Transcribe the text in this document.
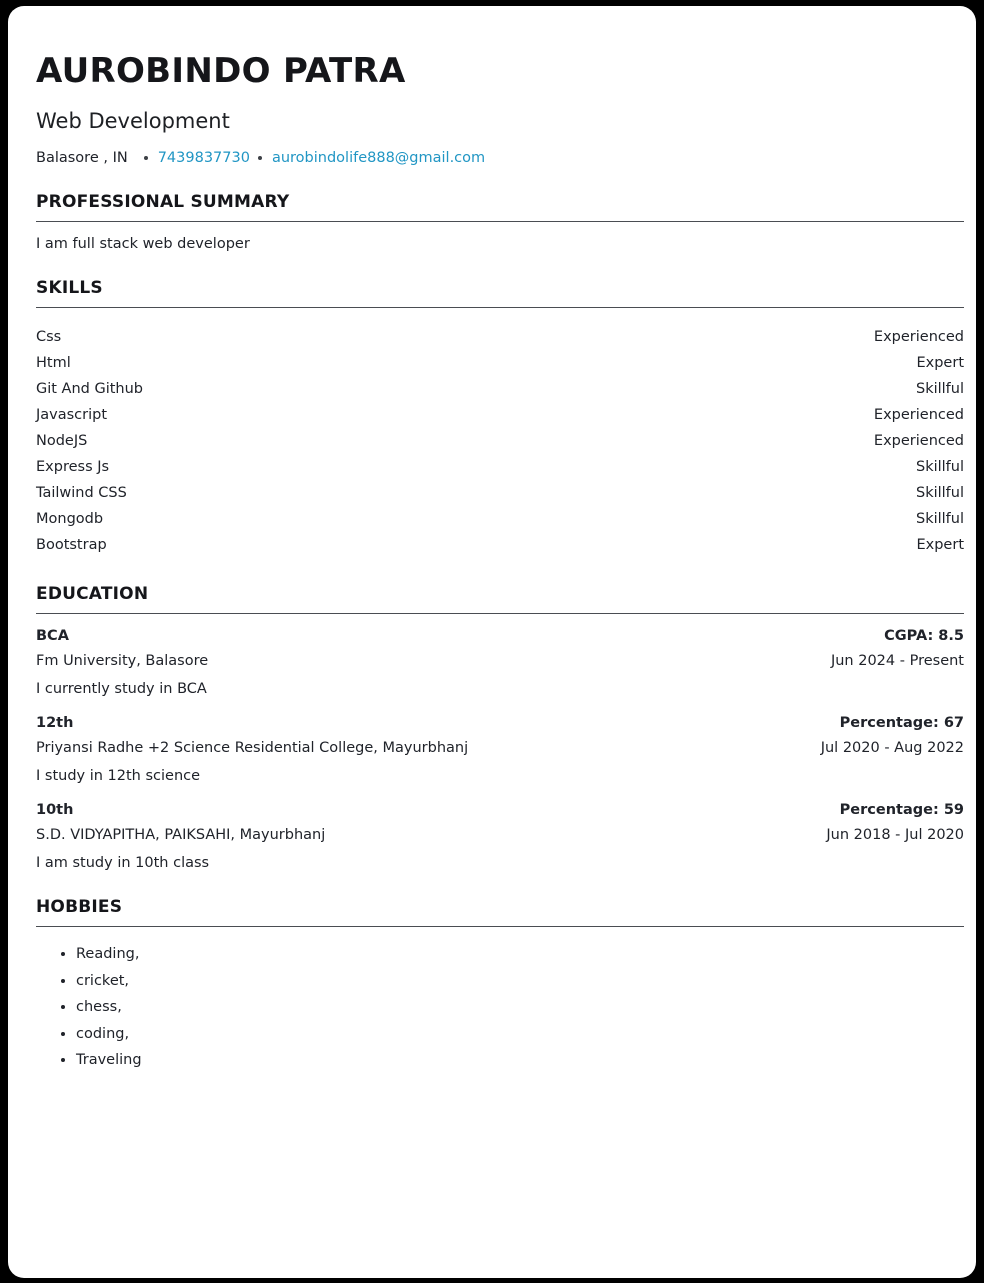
AUROBINDO PATRA
Web Development
Balasore , IN 7439837730 aurobindolife888@gmail.com
PROFESSIONAL SUMMARY
I am full stack web developer
SKILLS
Css	Experienced
Html	Expert
Git And Github	Skillful
Javascript	Experienced
NodeJS	Experienced
Express Js	Skillful
Tailwind CSS	Skillful
Mongodb	Skillful
Bootstrap	Expert
EDUCATION
BCA	CGPA: 8.5
Fm University, Balasore	Jun 2024 - Present
I currently study in BCA
12th	Percentage: 67
Priyansi Radhe +2 Science Residential College, Mayurbhanj	Jul 2020 - Aug 2022
I study in 12th science
10th	Percentage: 59
S.D. VIDYAPITHA, PAIKSAHI, Mayurbhanj	Jun 2018 - Jul 2020
I am study in 10th class
HOBBIES
• Reading,
• cricket,
• chess,
• coding,
• Traveling
